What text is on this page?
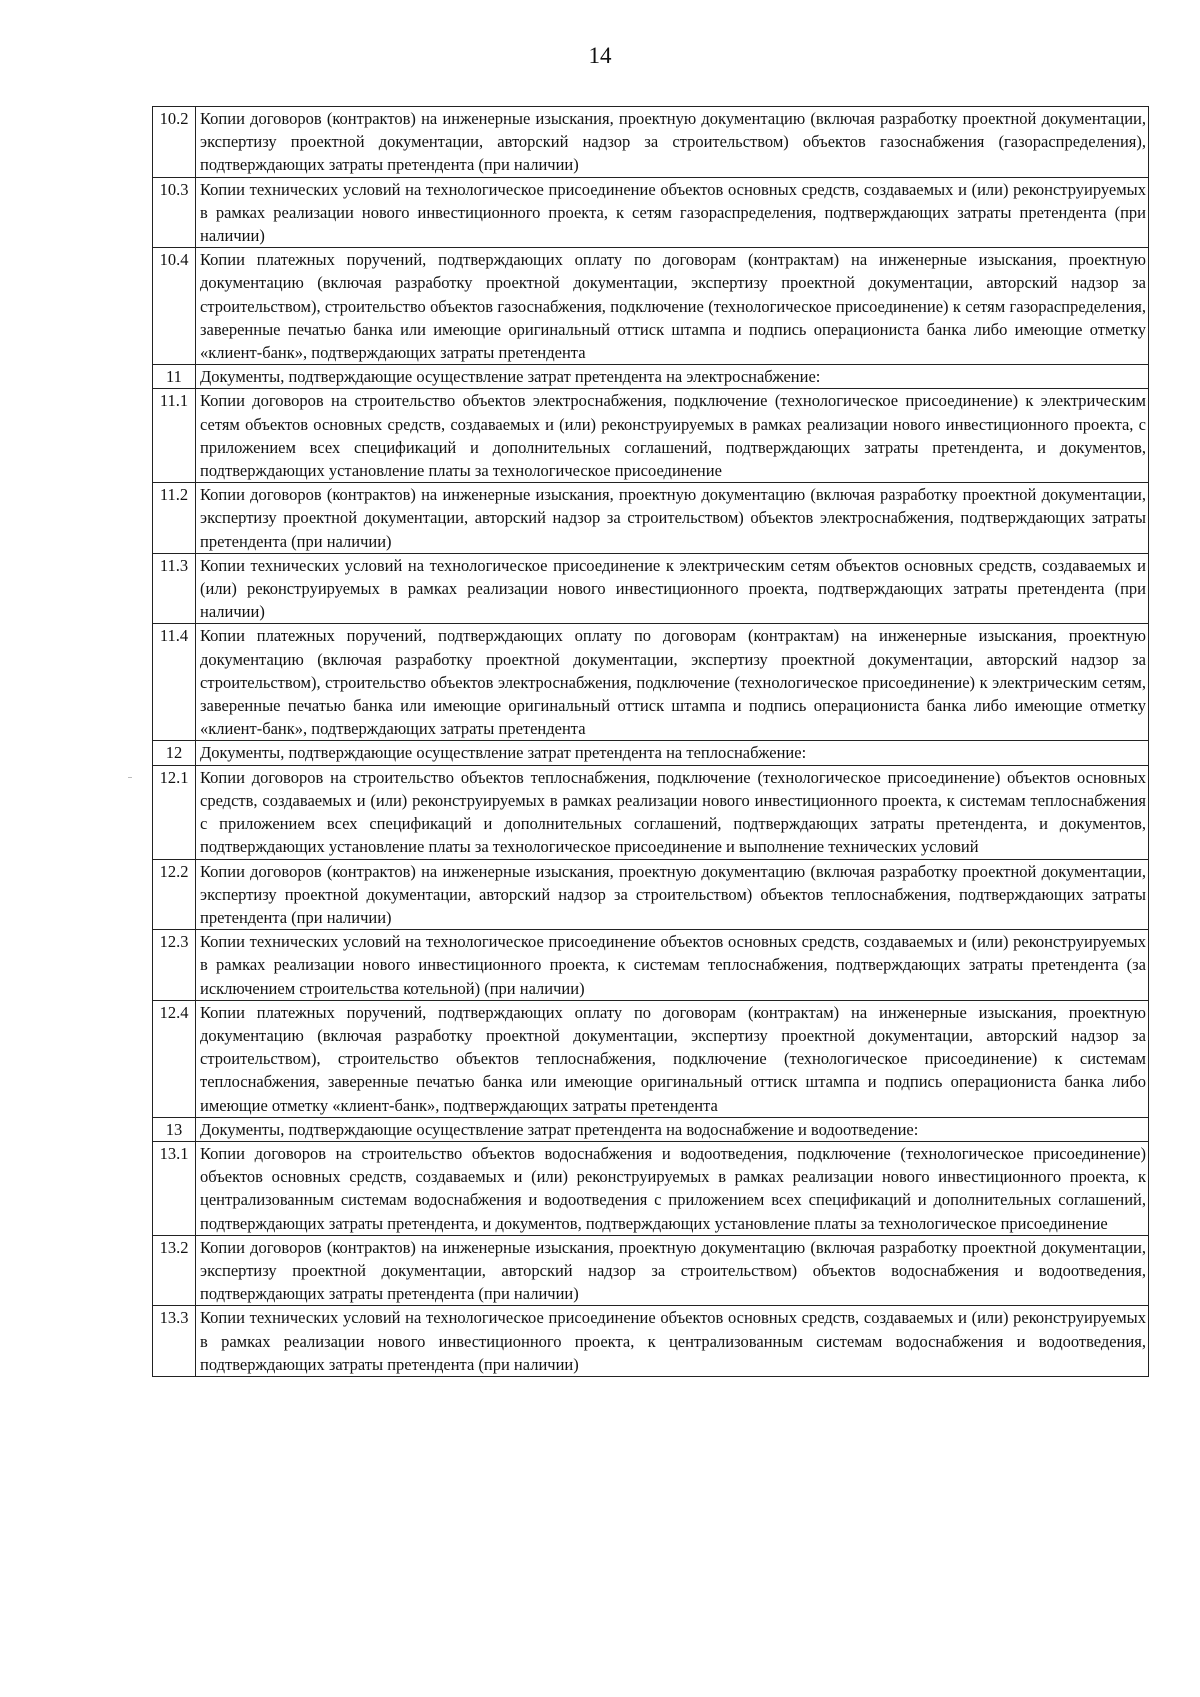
14
10.2	Копии договоров (контрактов) на инженерные изыскания, проектную документацию (включая разработку проектной документации, экспертизу проектной документации, авторский надзор за строительством) объектов газоснабжения (газораспределения), подтверждающих затраты претендента (при наличии)
10.3	Копии технических условий на технологическое присоединение объектов основных средств, создаваемых и (или) реконструируемых в рамках реализации нового инвестиционного проекта, к сетям газораспределения, подтверждающих затраты претендента (при наличии)
10.4	Копии платежных поручений, подтверждающих оплату по договорам (контрактам) на инженерные изыскания, проектную документацию (включая разработку проектной документации, экспертизу проектной документации, авторский надзор за строительством), строительство объектов газоснабжения, подключение (технологическое присоединение) к сетям газораспределения, заверенные печатью банка или имеющие оригинальный оттиск штампа и подпись операциониста банка либо имеющие отметку «клиент-банк», подтверждающих затраты претендента
11	Документы, подтверждающие осуществление затрат претендента на электроснабжение:
11.1	Копии договоров на строительство объектов электроснабжения, подключение (технологическое присоединение) к электрическим сетям объектов основных средств, создаваемых и (или) реконструируемых в рамках реализации нового инвестиционного проекта, с приложением всех спецификаций и дополнительных соглашений, подтверждающих затраты претендента, и документов, подтверждающих установление платы за технологическое присоединение
11.2	Копии договоров (контрактов) на инженерные изыскания, проектную документацию (включая разработку проектной документации, экспертизу проектной документации, авторский надзор за строительством) объектов электроснабжения, подтверждающих затраты претендента (при наличии)
11.3	Копии технических условий на технологическое присоединение к электрическим сетям объектов основных средств, создаваемых и (или) реконструируемых в рамках реализации нового инвестиционного проекта, подтверждающих затраты претендента (при наличии)
11.4	Копии платежных поручений, подтверждающих оплату по договорам (контрактам) на инженерные изыскания, проектную документацию (включая разработку проектной документации, экспертизу проектной документации, авторский надзор за строительством), строительство объектов электроснабжения, подключение (технологическое присоединение) к электрическим сетям, заверенные печатью банка или имеющие оригинальный оттиск штампа и подпись операциониста банка либо имеющие отметку «клиент-банк», подтверждающих затраты претендента
12	Документы, подтверждающие осуществление затрат претендента на теплоснабжение:
12.1	Копии договоров на строительство объектов теплоснабжения, подключение (технологическое присоединение) объектов основных средств, создаваемых и (или) реконструируемых в рамках реализации нового инвестиционного проекта, к системам теплоснабжения с приложением всех спецификаций и дополнительных соглашений, подтверждающих затраты претендента, и документов, подтверждающих установление платы за технологическое присоединение и выполнение технических условий
12.2	Копии договоров (контрактов) на инженерные изыскания, проектную документацию (включая разработку проектной документации, экспертизу проектной документации, авторский надзор за строительством) объектов теплоснабжения, подтверждающих затраты претендента (при наличии)
12.3	Копии технических условий на технологическое присоединение объектов основных средств, создаваемых и (или) реконструируемых в рамках реализации нового инвестиционного проекта, к системам теплоснабжения, подтверждающих затраты претендента (за исключением строительства котельной) (при наличии)
12.4	Копии платежных поручений, подтверждающих оплату по договорам (контрактам) на инженерные изыскания, проектную документацию (включая разработку проектной документации, экспертизу проектной документации, авторский надзор за строительством), строительство объектов теплоснабжения, подключение (технологическое присоединение) к системам теплоснабжения, заверенные печатью банка или имеющие оригинальный оттиск штампа и подпись операциониста банка либо имеющие отметку «клиент-банк», подтверждающих затраты претендента
13	Документы, подтверждающие осуществление затрат претендента на водоснабжение и водоотведение:
13.1	Копии договоров на строительство объектов водоснабжения и водоотведения, подключение (технологическое присоединение) объектов основных средств, создаваемых и (или) реконструируемых в рамках реализации нового инвестиционного проекта, к централизованным системам водоснабжения и водоотведения с приложением всех спецификаций и дополнительных соглашений, подтверждающих затраты претендента, и документов, подтверждающих установление платы за технологическое присоединение
13.2	Копии договоров (контрактов) на инженерные изыскания, проектную документацию (включая разработку проектной документации, экспертизу проектной документации, авторский надзор за строительством) объектов водоснабжения и водоотведения, подтверждающих затраты претендента (при наличии)
13.3	Копии технических условий на технологическое присоединение объектов основных средств, создаваемых и (или) реконструируемых в рамках реализации нового инвестиционного проекта, к централизованным системам водоснабжения и водоотведения, подтверждающих затраты претендента (при наличии)
